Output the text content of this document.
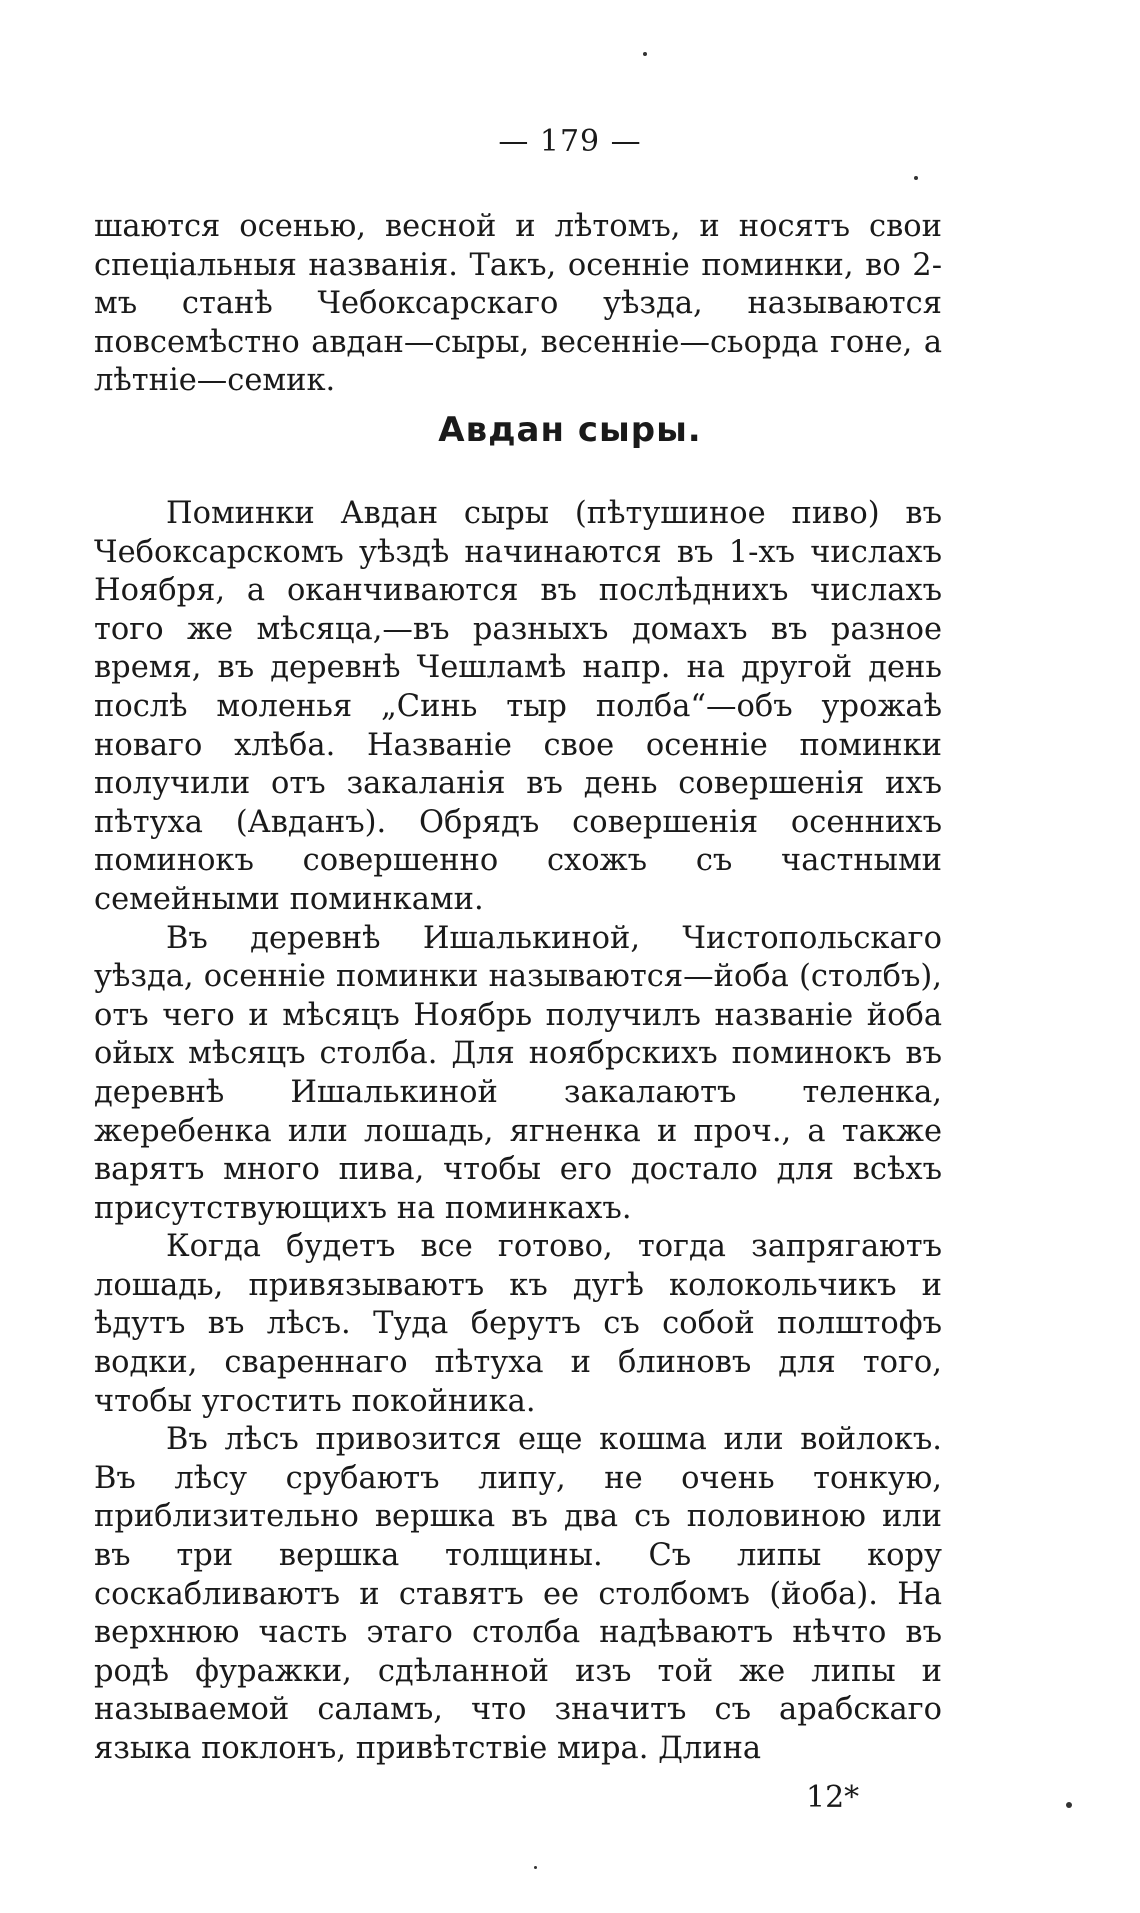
— 179 —

шаются осенью, весной и лѣтомъ, и носятъ свои спеціальныя названія. Такъ, осенніе поминки, во 2-мъ станѣ Чебоксарскаго уѣзда, называются повсемѣстно авдан—сыры, весенніе—сьорда гоне, а лѣтніе—семик.

Авдан сыры.

Поминки Авдан сыры (пѣтушиное пиво) въ Чебоксарскомъ уѣздѣ начинаются въ 1-хъ числахъ Ноября, а оканчиваются въ послѣднихъ числахъ того же мѣсяца,—въ разныхъ домахъ въ разное время, въ деревнѣ Чешламѣ напр. на другой день послѣ моленья „Синь тыр полба“—объ урожаѣ новаго хлѣба. Названіе свое осенніе поминки получили отъ закаланія въ день совершенія ихъ пѣтуха (Авданъ). Обрядъ совершенія осеннихъ поминокъ совершенно схожъ съ частными семейными поминками.

Въ деревнѣ Ишалькиной, Чистопольскаго уѣзда, осенніе поминки называются—йоба (столбъ), отъ чего и мѣсяцъ Ноябрь получилъ названіе йоба ойых мѣсяцъ столба. Для ноябрскихъ поминокъ въ деревнѣ Ишалькиной закалаютъ теленка, жеребенка или лошадь, ягненка и проч., а также варятъ много пива, чтобы его достало для всѣхъ присутствующихъ на поминкахъ.

Когда будетъ все готово, тогда запрягаютъ лошадь, привязываютъ къ дугѣ колокольчикъ и ѣдутъ въ лѣсъ. Туда берутъ съ собой полштофъ водки, свареннаго пѣтуха и блиновъ для того, чтобы угостить покойника.

Въ лѣсъ привозится еще кошма или войлокъ. Въ лѣсу срубаютъ липу, не очень тонкую, приблизительно вершка въ два съ половиною или въ три вершка толщины. Съ липы кору соскабливаютъ и ставятъ ее столбомъ (йоба). На верхнюю часть этаго столба надѣваютъ нѣчто въ родѣ фуражки, сдѣланной изъ той же липы и называемой саламъ, что значитъ съ арабскаго языка поклонъ, привѣтствіе мира. Длина

12*
